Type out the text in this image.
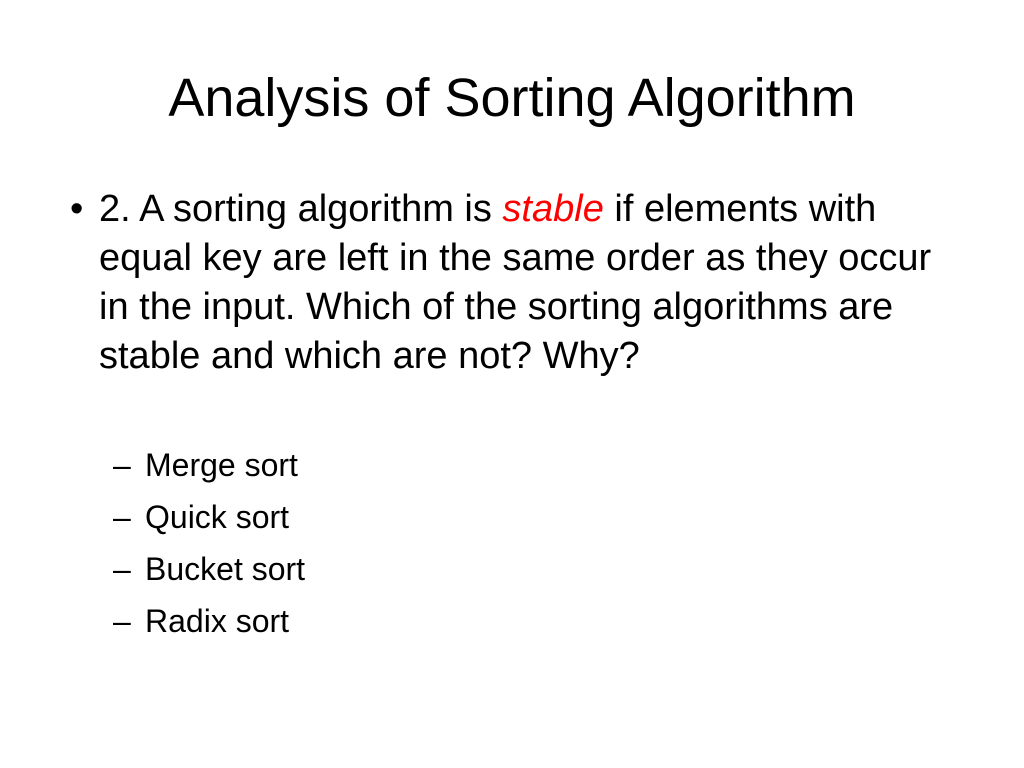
Analysis of Sorting Algorithm
• 2. A sorting algorithm is stable if elements with equal key are left in the same order as they occur in the input. Which of the sorting algorithms are stable and which are not? Why?
– Merge sort
– Quick sort
– Bucket sort
– Radix sort
